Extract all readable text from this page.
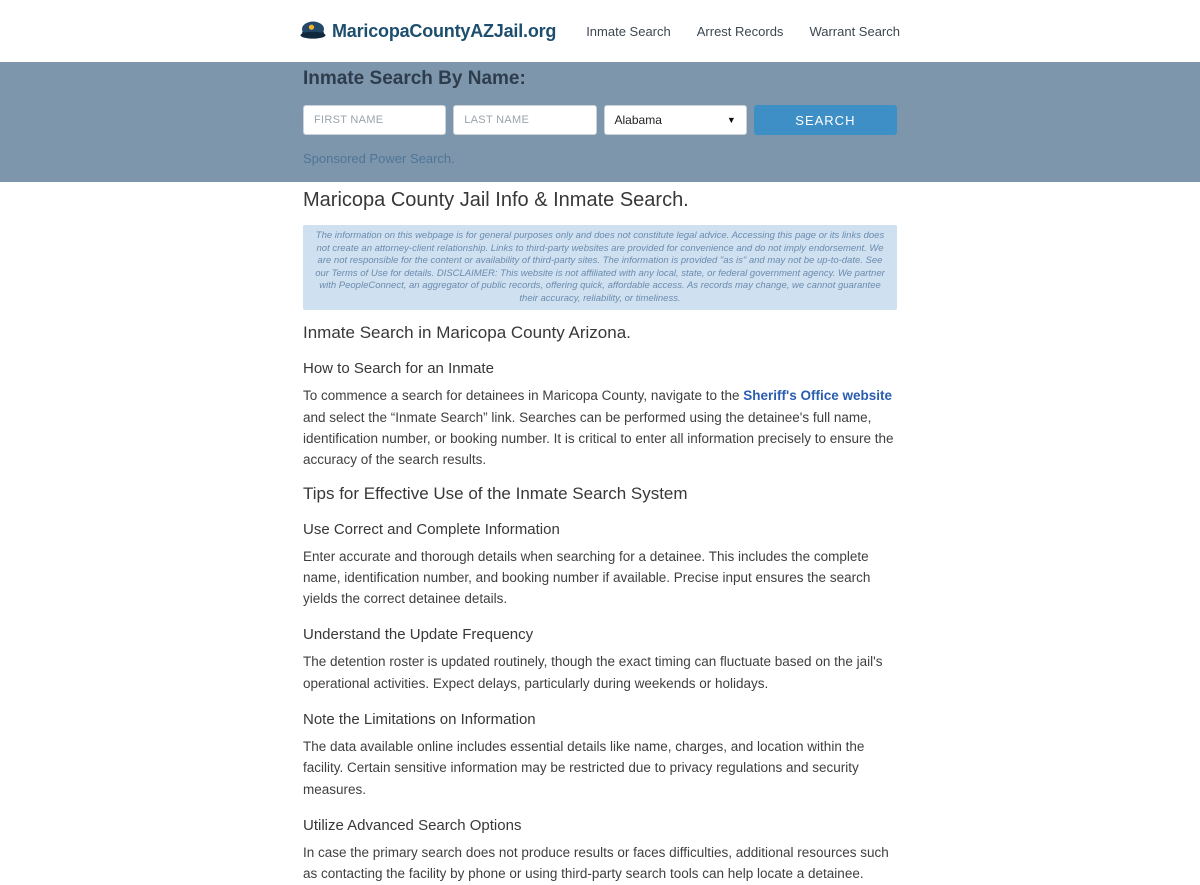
MaricopaCountyAZJail.org Inmate Search Arrest Records Warrant Search
Inmate Search By Name:
FIRST NAME
LAST NAME
Alabama	▼	SEARCH
Sponsored Power Search.
Maricopa County Jail Info & Inmate Search.
The information on this webpage is for general purposes only and does not constitute legal advice. Accessing this page or its links does not create an attorney-client relationship. Links to third-party websites are provided for convenience and do not imply endorsement. We are not responsible for the content or availability of third-party sites. The information is provided "as is" and may not be up-to-date. See our Terms of Use for details. DISCLAIMER: This website is not affiliated with any local, state, or federal government agency. We partner with PeopleConnect, an aggregator of public records, offering quick, affordable access. As records may change, we cannot guarantee their accuracy, reliability, or timeliness.
Inmate Search in Maricopa County Arizona.
How to Search for an Inmate

To commence a search for detainees in Maricopa County, navigate to the Sheriff's Office website and select the “Inmate Search” link. Searches can be performed using the detainee's full name, identification number, or booking number. It is critical to enter all information precisely to ensure the accuracy of the search results.

Tips for Effective Use of the Inmate Search System
Use Correct and Complete Information

Enter accurate and thorough details when searching for a detainee. This includes the complete name, identification number, and booking number if available. Precise input ensures the search yields the correct detainee details.

Understand the Update Frequency

The detention roster is updated routinely, though the exact timing can fluctuate based on the jail's operational activities. Expect delays, particularly during weekends or holidays.

Note the Limitations on Information

The data available online includes essential details like name, charges, and location within the facility. Certain sensitive information may be restricted due to privacy regulations and security measures.

Utilize Advanced Search Options

In case the primary search does not produce results or faces difficulties, additional resources such as contacting the facility by phone or using third-party search tools can help locate a detainee.
